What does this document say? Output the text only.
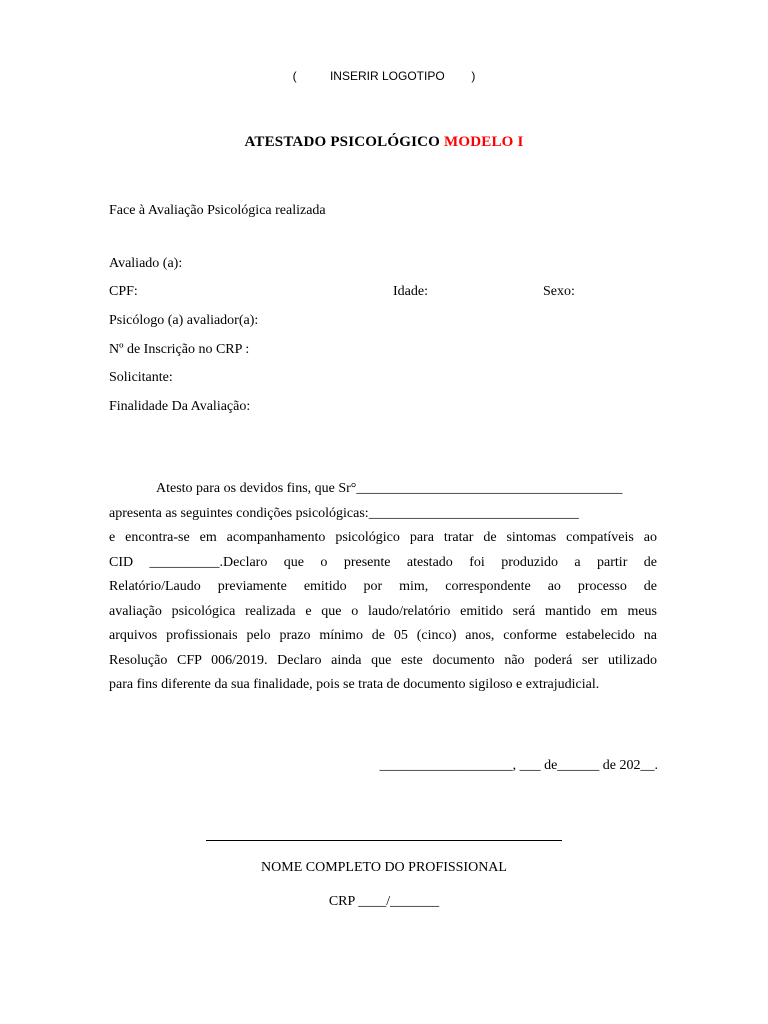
(          INSERIR LOGOTIPO        )
ATESTADO PSICOLÓGICO MODELO I
Face à Avaliação Psicológica realizada
Avaliado (a):
CPF:	Idade:	Sexo:
Psicólogo (a) avaliador(a):
Nº de Inscrição no CRP :
Solicitante:
Finalidade Da Avaliação:
Atesto para os devidos fins, que Sr°______________________________________
apresenta as seguintes condições psicológicas:______________________________
e encontra-se em acompanhamento psicológico para tratar de sintomas compatíveis ao
CID __________.Declaro que o presente atestado foi produzido a partir de
Relatório/Laudo previamente emitido por mim, correspondente ao processo de
avaliação psicológica realizada e que o laudo/relatório emitido será mantido em meus
arquivos profissionais pelo prazo mínimo de 05 (cinco) anos, conforme estabelecido na
Resolução CFP 006/2019. Declaro ainda que este documento não poderá ser utilizado
para fins diferente da sua finalidade, pois se trata de documento sigiloso e extrajudicial.
___________________, ___ de______ de 202__.
NOME COMPLETO DO PROFISSIONAL
CRP ____/_______
